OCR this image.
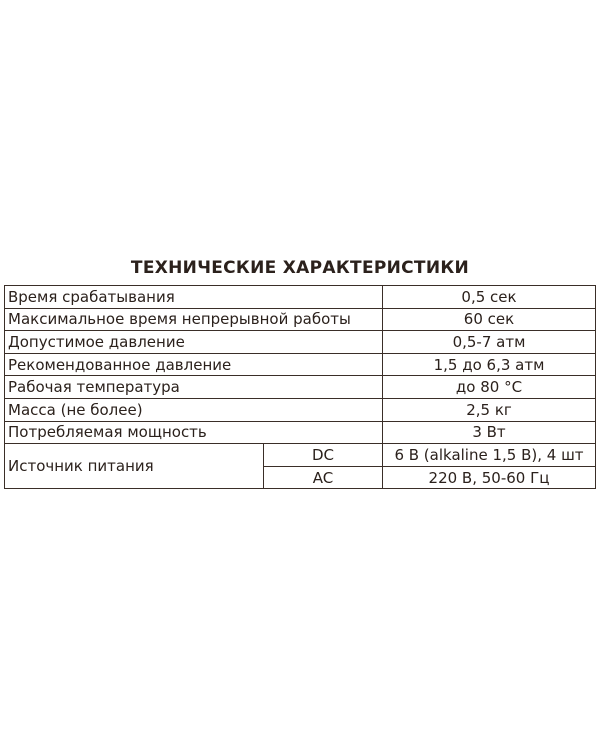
ТЕХНИЧЕСКИЕ ХАРАКТЕРИСТИКИ
Время срабатывания		0,5 сек
Максимальное время непрерывной работы		60 сек
Допустимое давление		0,5-7 атм
Рекомендованное давление		1,5 до 6,3 атм
Рабочая температура		до 80 °С
Масса (не более)		2,5 кг
Потребляемая мощность		3 Вт
Источник питания	DC	6 В (alkaline 1,5 В), 4 шт
	AC	220 В, 50-60 Гц
